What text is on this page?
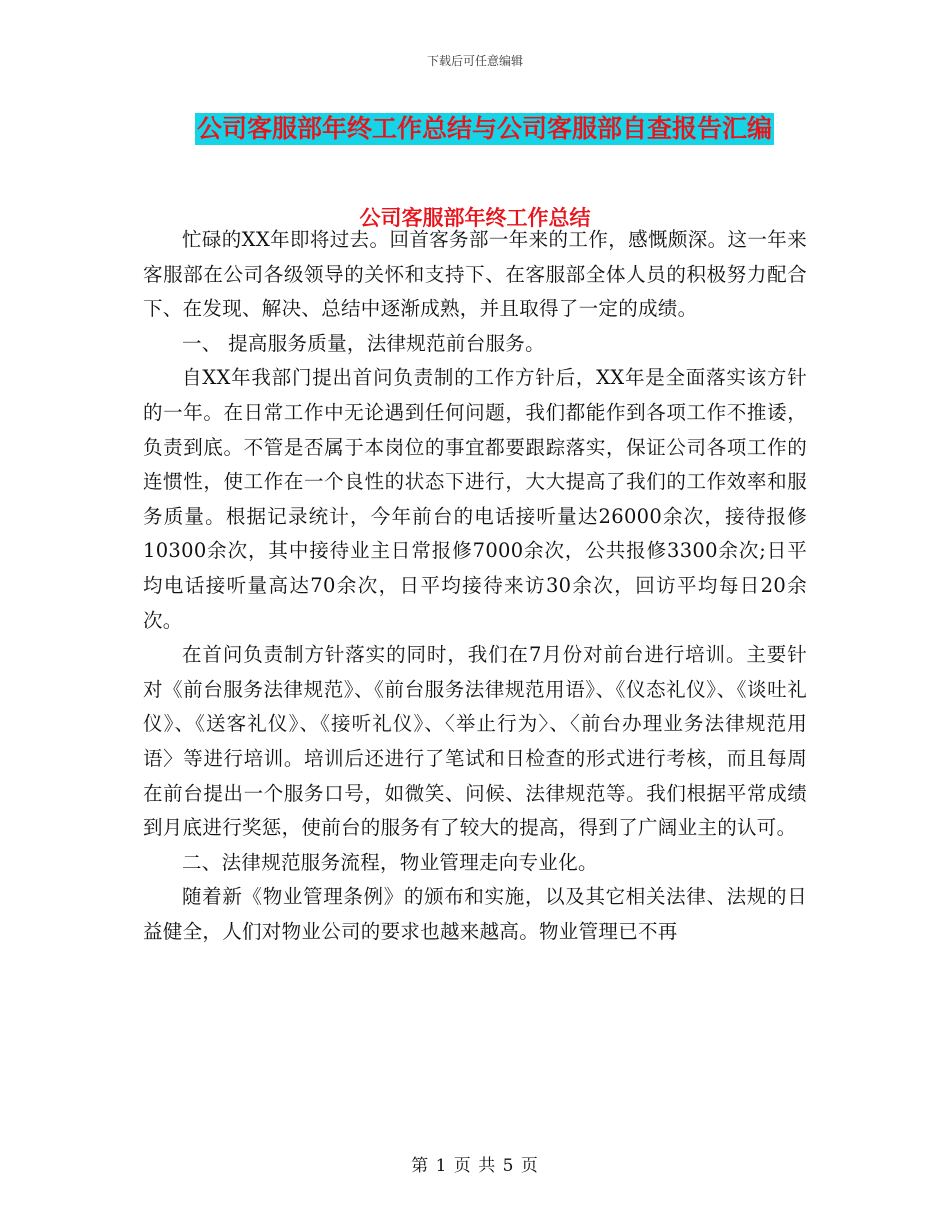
下载后可任意编辑
公司客服部年终工作总结与公司客服部自查报告汇编
公司客服部年终工作总结

忙碌的XX年即将过去。回首客务部一年来的工作，感慨颇深。这一年来客服部在公司各级领导的关怀和支持下、在客服部全体人员的积极努力配合下、在发现、解决、总结中逐渐成熟，并且取得了一定的成绩。

一、 提高服务质量，法律规范前台服务。

自XX年我部门提出首问负责制的工作方针后，XX年是全面落实该方针的一年。在日常工作中无论遇到任何问题，我们都能作到各项工作不推诿，负责到底。不管是否属于本岗位的事宜都要跟踪落实，保证公司各项工作的连惯性，使工作在一个良性的状态下进行，大大提高了我们的工作效率和服务质量。根据记录统计，今年前台的电话接听量达26000余次，接待报修10300余次，其中接待业主日常报修7000余次，公共报修3300余次;日平均电话接听量高达70余次，日平均接待来访30余次，回访平均每日20余次。

在首问负责制方针落实的同时，我们在7月份对前台进行培训。主要针对《前台服务法律规范》、《前台服务法律规范用语》、《仪态礼仪》、《谈吐礼仪》、《送客礼仪》、《接听礼仪》、〈举止行为〉、〈前台办理业务法律规范用语〉等进行培训。培训后还进行了笔试和日检查的形式进行考核，而且每周在前台提出一个服务口号，如微笑、问候、法律规范等。我们根据平常成绩到月底进行奖惩，使前台的服务有了较大的提高，得到了广阔业主的认可。

二、法律规范服务流程，物业管理走向专业化。

随着新《物业管理条例》的颁布和实施，以及其它相关法律、法规的日益健全，人们对物业公司的要求也越来越高。物业管理已不再

第 1 页 共 5 页
